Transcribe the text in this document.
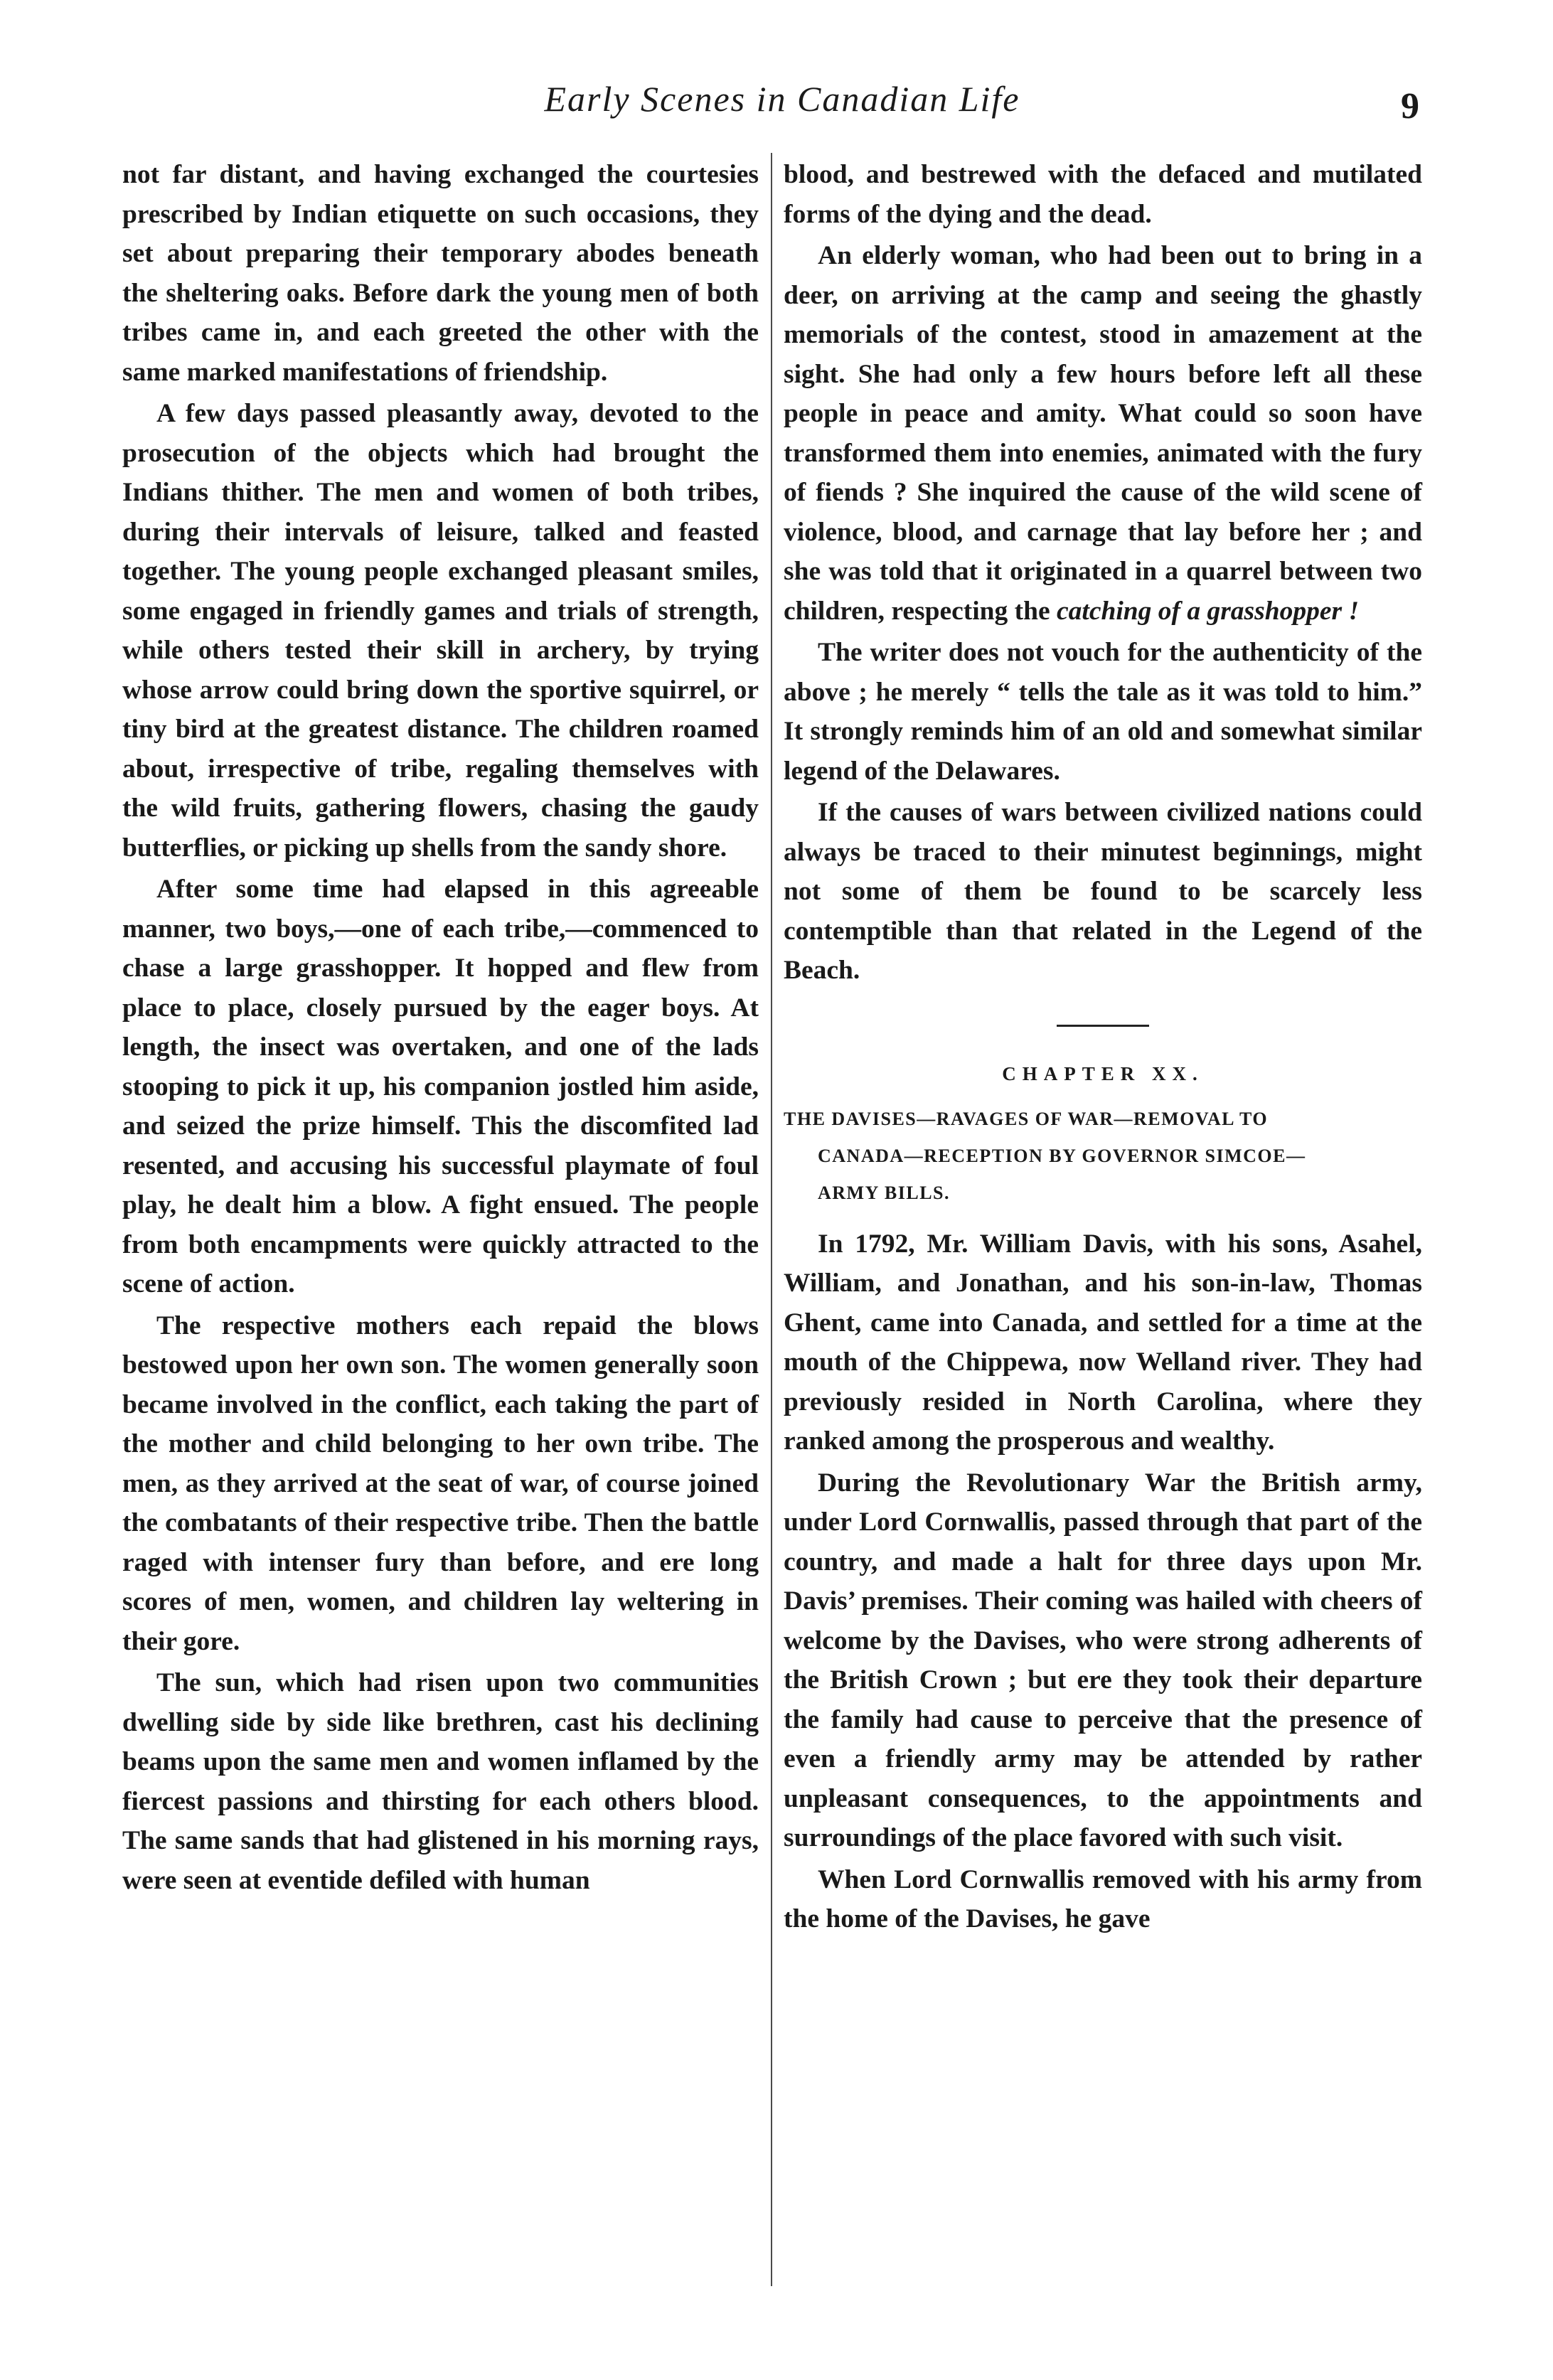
Early Scenes in Canadian Life	9

not far distant, and having exchanged the courtesies prescribed by Indian etiquette on such occasions, they set about preparing their temporary abodes beneath the sheltering oaks. Before dark the young men of both tribes came in, and each greeted the other with the same marked manifestations of friendship.

A few days passed pleasantly away, devoted to the prosecution of the objects which had brought the Indians thither. The men and women of both tribes, during their intervals of leisure, talked and feasted together. The young people exchanged pleasant smiles, some engaged in friendly games and trials of strength, while others tested their skill in archery, by trying whose arrow could bring down the sportive squirrel, or tiny bird at the greatest distance. The children roamed about, irrespective of tribe, regaling themselves with the wild fruits, gathering flowers, chasing the gaudy butterflies, or picking up shells from the sandy shore.

After some time had elapsed in this agreeable manner, two boys,—one of each tribe,—commenced to chase a large grasshopper. It hopped and flew from place to place, closely pursued by the eager boys. At length, the insect was overtaken, and one of the lads stooping to pick it up, his companion jostled him aside, and seized the prize himself. This the discomfited lad resented, and accusing his successful playmate of foul play, he dealt him a blow. A fight ensued. The people from both encampments were quickly attracted to the scene of action.

The respective mothers each repaid the blows bestowed upon her own son. The women generally soon became involved in the conflict, each taking the part of the mother and child belonging to her own tribe. The men, as they arrived at the seat of war, of course joined the combatants of their respective tribe. Then the battle raged with intenser fury than before, and ere long scores of men, women, and children lay weltering in their gore.

The sun, which had risen upon two communities dwelling side by side like brethren, cast his declining beams upon the same men and women inflamed by the fiercest passions and thirsting for each others blood. The same sands that had glistened in his morning rays, were seen at eventide defiled with human

blood, and bestrewed with the defaced and mutilated forms of the dying and the dead.

An elderly woman, who had been out to bring in a deer, on arriving at the camp and seeing the ghastly memorials of the contest, stood in amazement at the sight. She had only a few hours before left all these people in peace and amity. What could so soon have transformed them into enemies, animated with the fury of fiends ? She inquired the cause of the wild scene of violence, blood, and carnage that lay before her ; and she was told that it originated in a quarrel between two children, respecting the catching of a grasshopper !

The writer does not vouch for the authenticity of the above ; he merely “ tells the tale as it was told to him.” It strongly reminds him of an old and somewhat similar legend of the Delawares.

If the causes of wars between civilized nations could always be traced to their minutest beginnings, might not some of them be found to be scarcely less contemptible than that related in the Legend of the Beach.

CHAPTER XX.
THE DAVISES—RAVAGES OF WAR—REMOVAL TO
CANADA—RECEPTION BY GOVERNOR SIMCOE—
ARMY BILLS.

In 1792, Mr. William Davis, with his sons, Asahel, William, and Jonathan, and his son-in-law, Thomas Ghent, came into Canada, and settled for a time at the mouth of the Chippewa, now Welland river. They had previously resided in North Carolina, where they ranked among the prosperous and wealthy.

During the Revolutionary War the British army, under Lord Cornwallis, passed through that part of the country, and made a halt for three days upon Mr. Davis’ premises. Their coming was hailed with cheers of welcome by the Davises, who were strong adherents of the British Crown ; but ere they took their departure the family had cause to perceive that the presence of even a friendly army may be attended by rather unpleasant consequences, to the appointments and surroundings of the place favored with such visit.

When Lord Cornwallis removed with his army from the home of the Davises, he gave
